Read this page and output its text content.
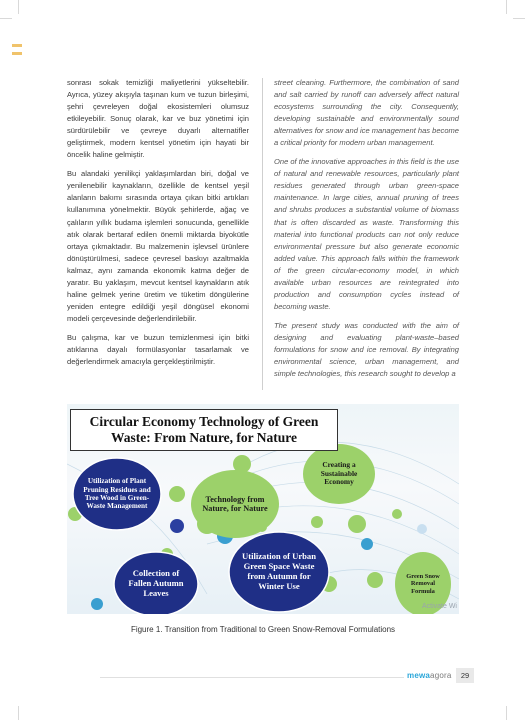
sonrası sokak temizliği maliyetlerini yükseltebilir. Ayrıca, yüzey akışıyla taşınan kum ve tuzun birleşimi, şehri çevreleyen doğal ekosistemleri olumsuz etkileyebilir. Sonuç olarak, kar ve buz yönetimi için sürdürülebilir ve çevreye duyarlı alternatifler geliştirmek, modern kentsel yönetim için hayati bir öncelik haline gelmiştir.

Bu alandaki yenilikçi yaklaşımlardan biri, doğal ve yenilenebilir kaynakların, özellikle de kentsel yeşil alanların bakımı sırasında ortaya çıkan bitki artıkları kullanımına yönelmektir. Büyük şehirlerde, ağaç ve çalıların yıllık budama işlemleri sonucunda, genellikle atık olarak bertaraf edilen önemli miktarda biyokütle ortaya çıkmaktadır. Bu malzemenin işlevsel ürünlere dönüştürülmesi, sadece çevresel baskıyı azaltmakla kalmaz, aynı zamanda ekonomik katma değer de yaratır. Bu yaklaşım, mevcut kentsel kaynakların atık haline gelmek yerine üretim ve tüketim döngülerine yeniden entegre edildiği yeşil döngüsel ekonomi modeli çerçevesinde değerlendirilebilir.

Bu çalışma, kar ve buzun temizlenmesi için bitki atıklarına dayalı formülasyonlar tasarlamak ve değerlendirmek amacıyla gerçekleştirilmiştir.

street cleaning. Furthermore, the combination of sand and salt carried by runoff can adversely affect natural ecosystems surrounding the city. Consequently, developing sustainable and environmentally sound alternatives for snow and ice management has become a critical priority for modern urban management.

One of the innovative approaches in this field is the use of natural and renewable resources, particularly plant residues generated through urban green-space maintenance. In large cities, annual pruning of trees and shrubs produces a substantial volume of biomass that is often discarded as waste. Transforming this material into functional products can not only reduce environmental pressure but also generate economic added value. This approach falls within the framework of the green circular-economy model, in which available urban resources are reintegrated into production and consumption cycles instead of becoming waste.

The present study was conducted with the aim of designing and evaluating plant-waste–based formulations for snow and ice removal. By integrating environmental science, urban management, and simple technologies, this research sought to develop a

Circular Economy Technology of Green
Waste: From Nature, for Nature
Utilization of Plant Pruning Residues and Tree Wood in Green-Waste Management
Technology from Nature, for Nature
Creating a Sustainable Economy
Collection of Fallen Autumn Leaves
Utilization of Urban Green Space Waste from Autumn for Winter Use
Green Snow Removal Formula
Activate Wi
Figure 1. Transition from Traditional to Green Snow-Removal Formulations
mewaagora	29
